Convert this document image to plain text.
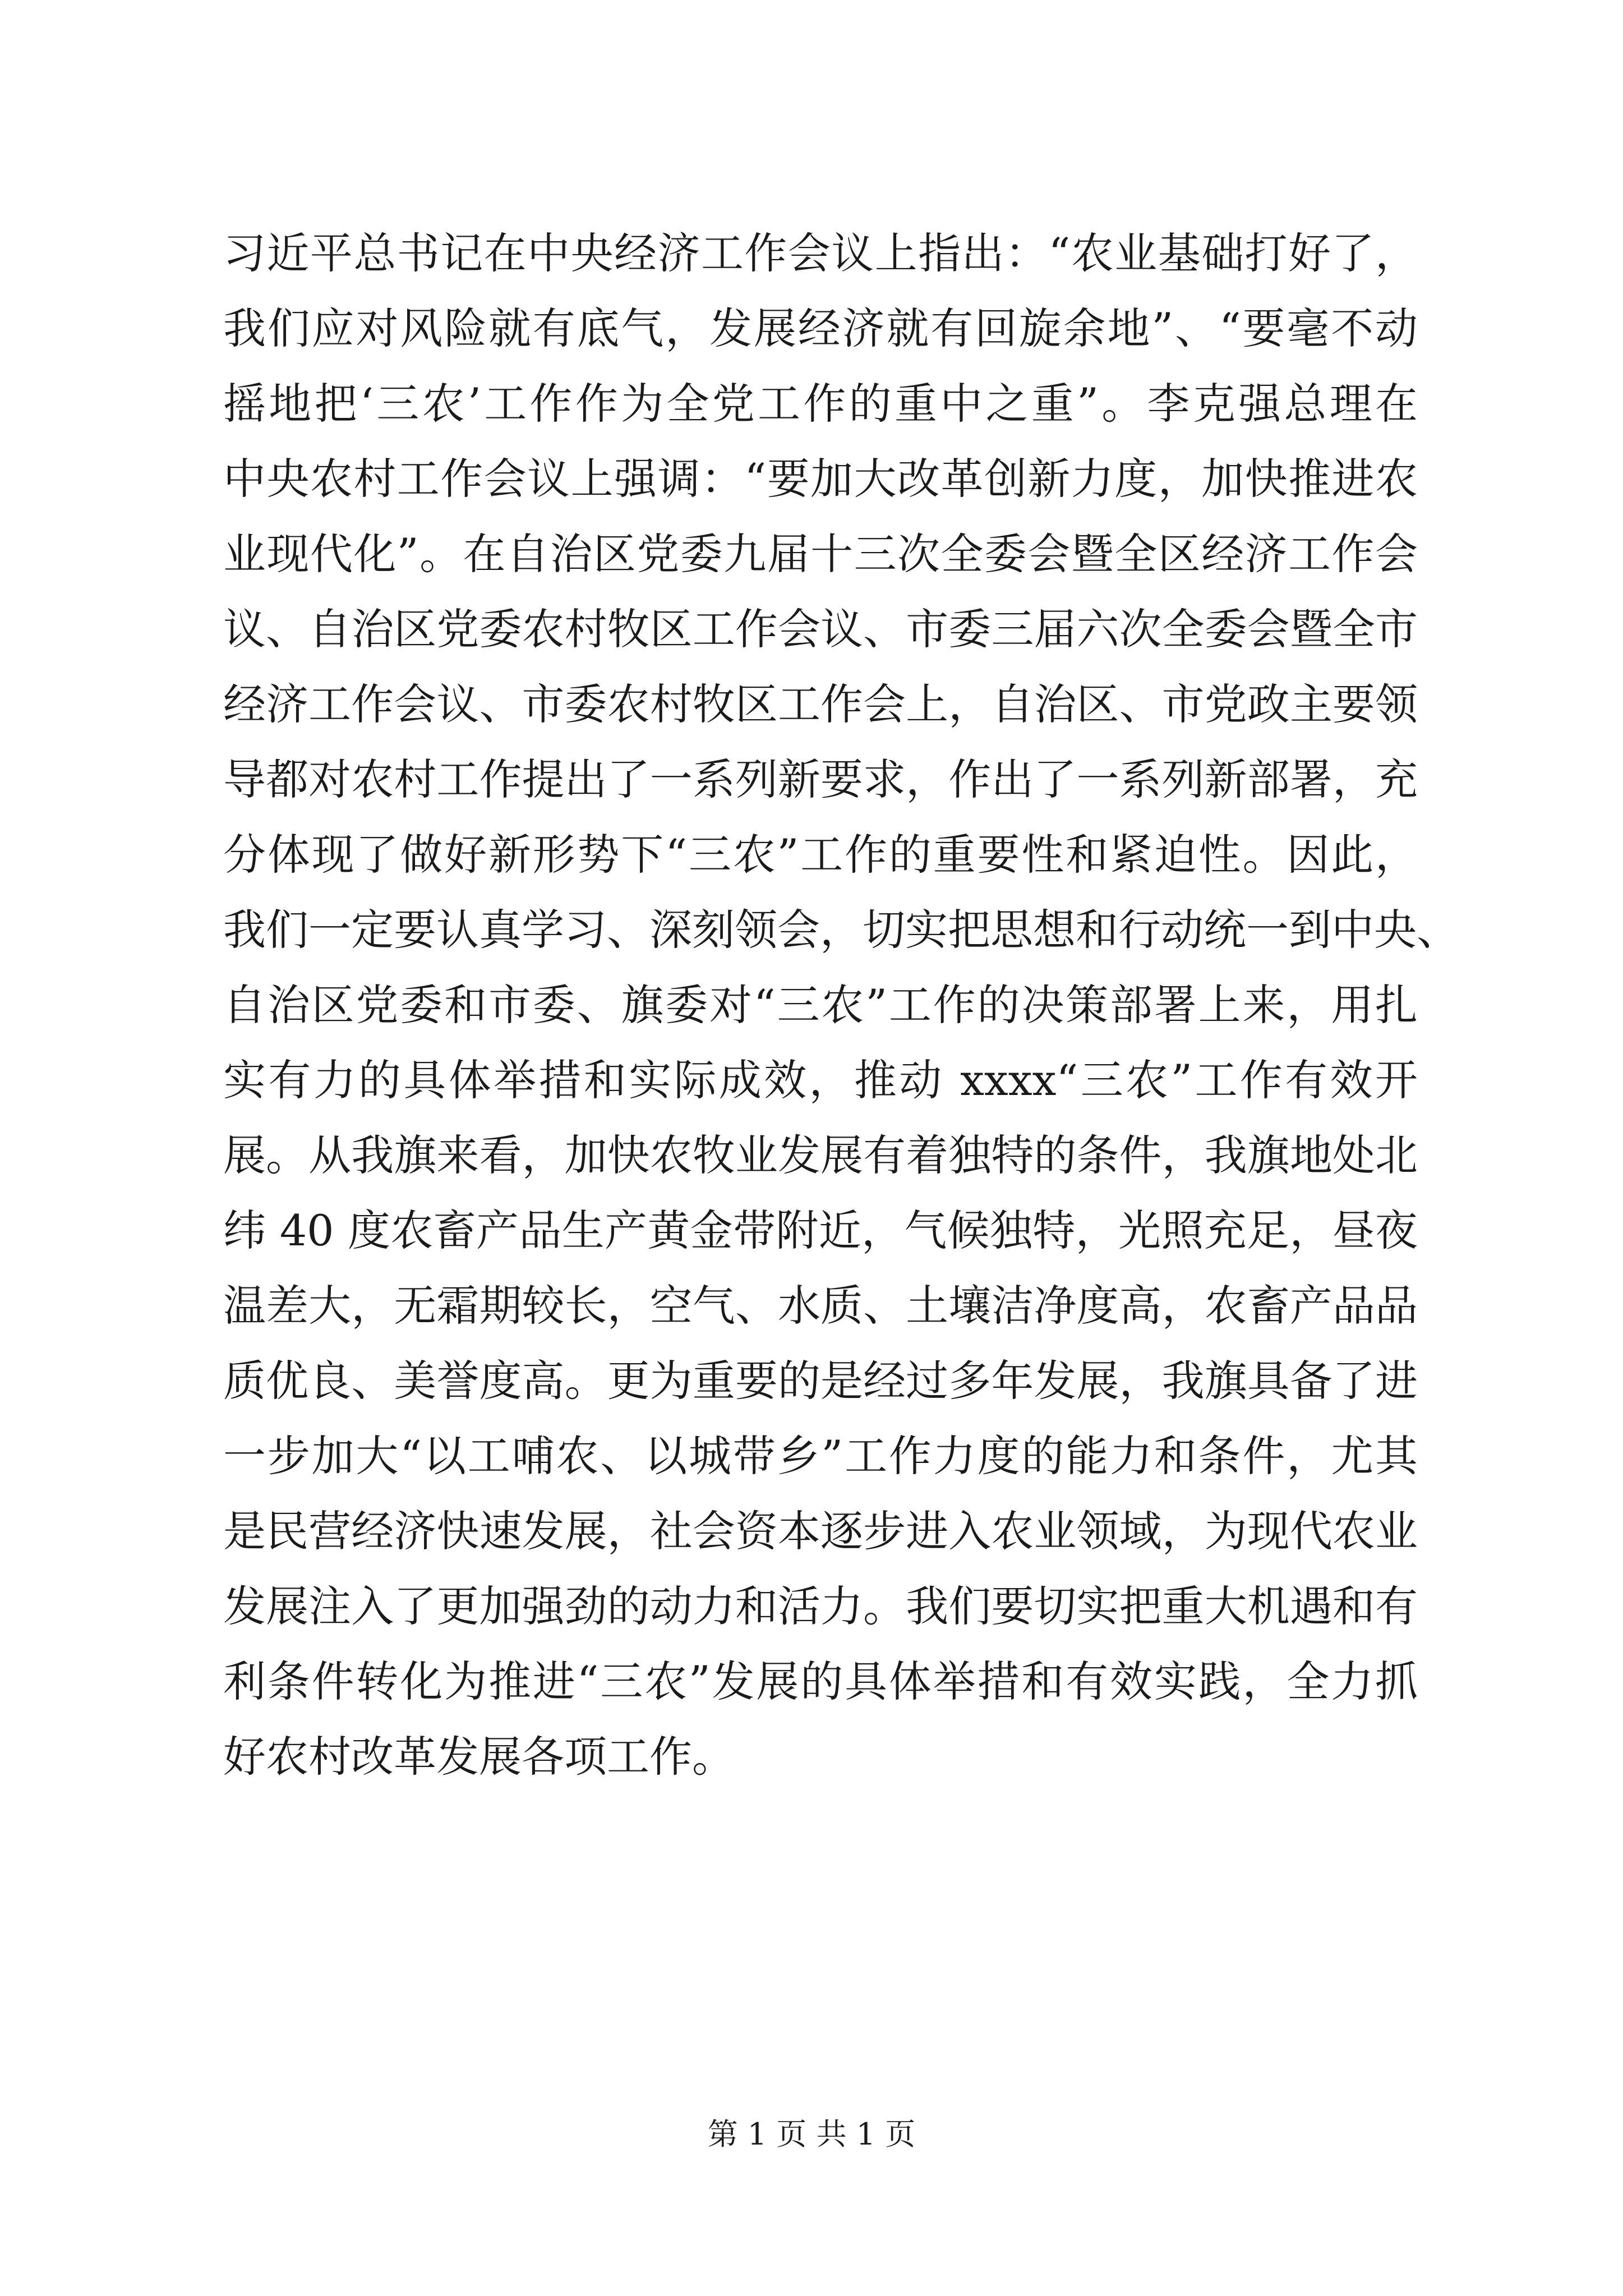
习近平总书记在中央经济工作会议上指出：“农业基础打好了，
我们应对风险就有底气，发展经济就有回旋余地”、“要毫不动
摇地把‘三农’工作作为全党工作的重中之重”。李克强总理在
中央农村工作会议上强调：“要加大改革创新力度，加快推进农
业现代化”。在自治区党委九届十三次全委会暨全区经济工作会
议、自治区党委农村牧区工作会议、市委三届六次全委会暨全市
经济工作会议、市委农村牧区工作会上，自治区、市党政主要领
导都对农村工作提出了一系列新要求，作出了一系列新部署，充
分体现了做好新形势下“三农”工作的重要性和紧迫性。因此，
我们一定要认真学习、深刻领会，切实把思想和行动统一到中央、
自治区党委和市委、旗委对“三农”工作的决策部署上来，用扎
实有力的具体举措和实际成效，推动 xxxx“三农”工作有效开
展。从我旗来看，加快农牧业发展有着独特的条件，我旗地处北
纬 40 度农畜产品生产黄金带附近，气候独特，光照充足，昼夜
温差大，无霜期较长，空气、水质、土壤洁净度高，农畜产品品
质优良、美誉度高。更为重要的是经过多年发展，我旗具备了进
一步加大“以工哺农、以城带乡”工作力度的能力和条件，尤其
是民营经济快速发展，社会资本逐步进入农业领域，为现代农业
发展注入了更加强劲的动力和活力。我们要切实把重大机遇和有
利条件转化为推进“三农”发展的具体举措和有效实践，全力抓
好农村改革发展各项工作。
第 1 页 共 1 页
